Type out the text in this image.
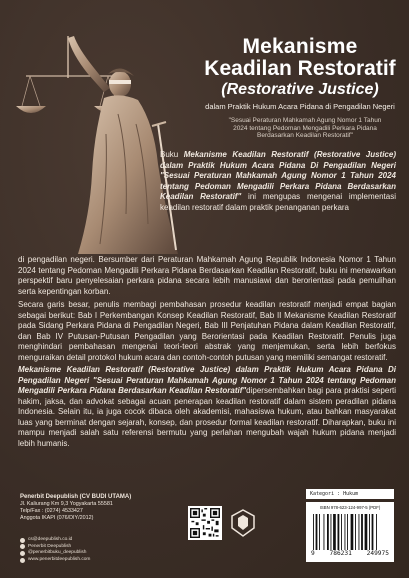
Mekanisme
Keadilan Restoratif
(Restorative Justice)
dalam Praktik Hukum Acara Pidana di Pengadilan Negeri
"Sesuai Peraturan Mahkamah Agung Nomor 1 Tahun 2024 tentang Pedoman Mengadili Perkara Pidana Berdasarkan Keadilan Restoratif"
Buku Mekanisme Keadilan Restoratif (Restorative Justice) dalam Praktik Hukum Acara Pidana Di Pengadilan Negeri "Sesuai Peraturan Mahkamah Agung Nomor 1 Tahun 2024 tentang Pedoman Mengadili Perkara Pidana Berdasarkan Keadilan Restoratif" ini mengupas mengenai implementasi keadilan restoratif dalam praktik penanganan perkara
di pengadilan negeri. Bersumber dari Peraturan Mahkamah Agung Republik Indonesia Nomor 1 Tahun 2024 tentang Pedoman Mengadili Perkara Pidana Berdasarkan Keadilan Restoratif, buku ini menawarkan perspektif baru penyelesaian perkara pidana secara lebih manusiawi dan berorientasi pada pemulihan serta kepentingan korban.
Secara garis besar, penulis membagi pembahasan prosedur keadilan restoratif menjadi empat bagian sebagai berikut: Bab I Perkembangan Konsep Keadilan Restoratif, Bab II Mekanisme Keadilan Restoratif pada Sidang Perkara Pidana di Pengadilan Negeri, Bab III Penjatuhan Pidana dalam Keadilan Restoratif, dan Bab IV Putusan-Putusan Pengadilan yang Berorientasi pada Keadilan Restoratif. Penulis juga menghindari pembahasan mengenai teori-teori abstrak yang menjemukan, serta lebih berfokus menguraikan detail protokol hukum acara dan contoh-contoh putusan yang memiliki semangat restoratif.
Mekanisme Keadilan Restoratif (Restorative Justice) dalam Praktik Hukum Acara Pidana Di Pengadilan Negeri "Sesuai Peraturan Mahkamah Agung Nomor 1 Tahun 2024 tentang Pedoman Mengadili Perkara Pidana Berdasarkan Keadilan Restoratif"dipersembahkan bagi para praktisi seperti hakim, jaksa, dan advokat sebagai acuan penerapan keadilan restoratif dalam sistem peradilan pidana Indonesia. Selain itu, ia juga cocok dibaca oleh akademisi, mahasiswa hukum, atau bahkan masyarakat luas yang berminat dengan sejarah, konsep, dan prosedur formal keadilan restoratif. Diharapkan, buku ini mampu menjadi salah satu referensi bermutu yang perlahan mengubah wajah hukum pidana menjadi lebih humanis.
Penerbit Deepublish (CV BUDI UTAMA)
Jl. Kaliurang Km 9,3 Yogyakarta 55581
Telp/Fax : (0274) 4533427
Anggota IKAPI (076/DIY/2012)
cs@deepublish.co.id
Penerbit Deepublish
@penerbitbuku_deepublish
www.penerbitdeepublish.com
Kategori : Hukum
ISBN 978-623-124-997-5 (PDF)
9 786231 249975
